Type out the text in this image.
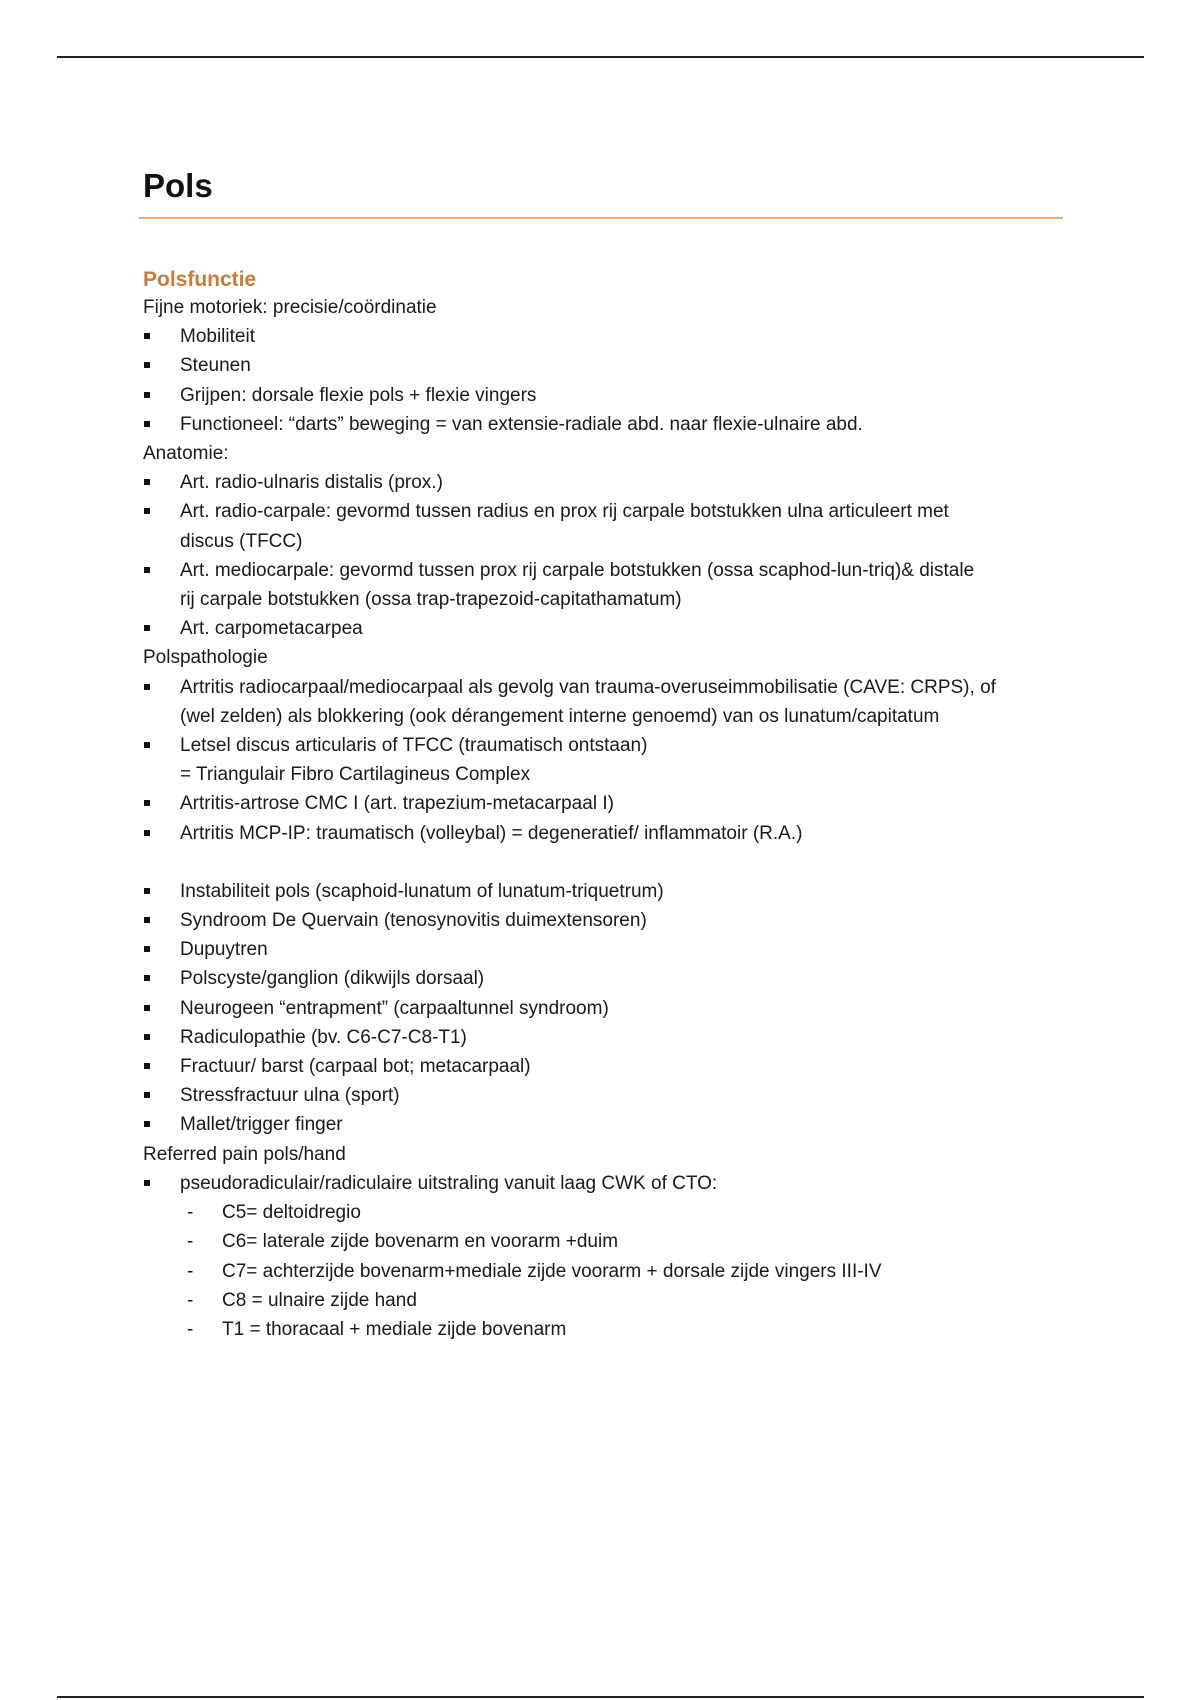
Pols
Polsfunctie

Fijne motoriek: precisie/coördinatie

Mobiliteit
Steunen
Grijpen: dorsale flexie pols + flexie vingers
Functioneel: “darts” beweging = van extensie-radiale abd. naar flexie-ulnaire abd.

Anatomie:

Art. radio-ulnaris distalis (prox.)
Art. radio-carpale: gevormd tussen radius en prox rij carpale botstukken ulna articuleert met
discus (TFCC)
Art. mediocarpale: gevormd tussen prox rij carpale botstukken (ossa scaphod-lun-triq)& distale
rij carpale botstukken (ossa trap-trapezoid-capitathamatum)
Art. carpometacarpea

Polspathologie

Artritis radiocarpaal/mediocarpaal als gevolg van trauma-overuseimmobilisatie (CAVE: CRPS), of
(wel zelden) als blokkering (ook dérangement interne genoemd) van os lunatum/capitatum
Letsel discus articularis of TFCC (traumatisch ontstaan)
= Triangulair Fibro Cartilagineus Complex
Artritis-artrose CMC I (art. trapezium-metacarpaal I)
Artritis MCP-IP: traumatisch (volleybal) = degeneratief/ inflammatoir (R.A.)
Instabiliteit pols (scaphoid-lunatum of lunatum-triquetrum)
Syndroom De Quervain (tenosynovitis duimextensoren)
Dupuytren
Polscyste/ganglion (dikwijls dorsaal)
Neurogeen “entrapment” (carpaaltunnel syndroom)
Radiculopathie (bv. C6-C7-C8-T1)
Fractuur/ barst (carpaal bot; metacarpaal)
Stressfractuur ulna (sport)
Mallet/trigger finger

Referred pain pols/hand

pseudoradiculair/radiculaire uitstraling vanuit laag CWK of CTO:
- C5= deltoidregio
- C6= laterale zijde bovenarm en voorarm +duim
- C7= achterzijde bovenarm+mediale zijde voorarm + dorsale zijde vingers III-IV
- C8 = ulnaire zijde hand
- T1 = thoracaal + mediale zijde bovenarm
